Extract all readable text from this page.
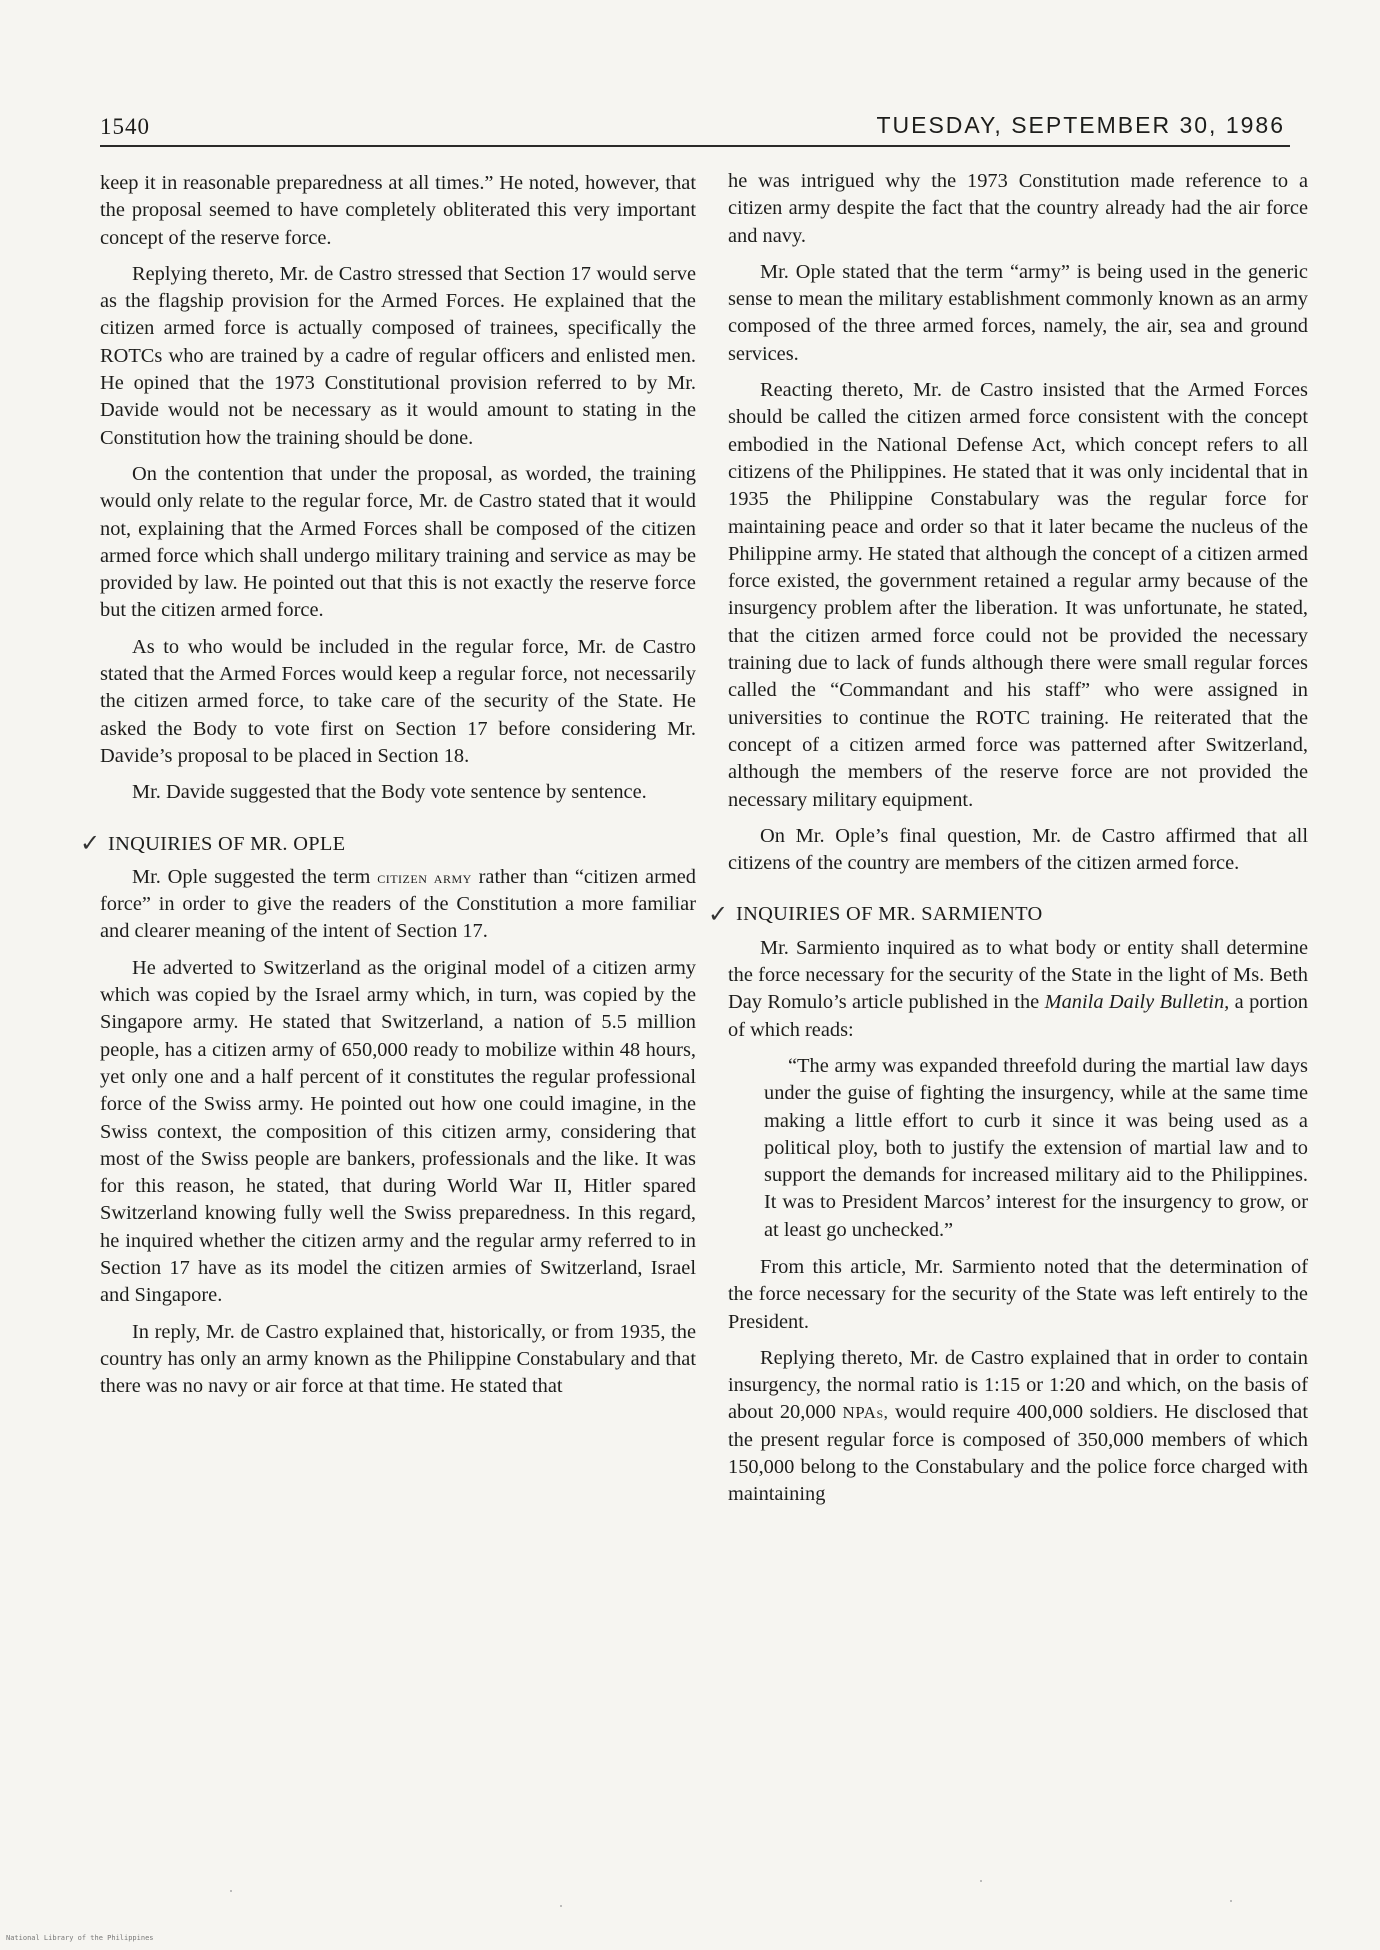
1540	TUESDAY, SEPTEMBER 30, 1986

keep it in reasonable preparedness at all times.” He noted, however, that the proposal seemed to have completely obliterated this very important concept of the reserve force.

Replying thereto, Mr. de Castro stressed that Section 17 would serve as the flagship provision for the Armed Forces. He explained that the citizen armed force is actually composed of trainees, specifically the ROTCs who are trained by a cadre of regular officers and enlisted men. He opined that the 1973 Constitutional provision referred to by Mr. Davide would not be necessary as it would amount to stating in the Constitution how the training should be done.

On the contention that under the proposal, as worded, the training would only relate to the regular force, Mr. de Castro stated that it would not, explaining that the Armed Forces shall be composed of the citizen armed force which shall undergo military training and service as may be provided by law. He pointed out that this is not exactly the reserve force but the citizen armed force.

As to who would be included in the regular force, Mr. de Castro stated that the Armed Forces would keep a regular force, not necessarily the citizen armed force, to take care of the security of the State. He asked the Body to vote first on Section 17 before considering Mr. Davide’s proposal to be placed in Section 18.

Mr. Davide suggested that the Body vote sentence by sentence.

✓ INQUIRIES OF MR. OPLE

Mr. Ople suggested the term citizen army rather than “citizen armed force” in order to give the readers of the Constitution a more familiar and clearer meaning of the intent of Section 17.

He adverted to Switzerland as the original model of a citizen army which was copied by the Israel army which, in turn, was copied by the Singapore army. He stated that Switzerland, a nation of 5.5 million people, has a citizen army of 650,000 ready to mobilize within 48 hours, yet only one and a half percent of it constitutes the regular professional force of the Swiss army. He pointed out how one could imagine, in the Swiss context, the composition of this citizen army, considering that most of the Swiss people are bankers, professionals and the like. It was for this reason, he stated, that during World War II, Hitler spared Switzerland knowing fully well the Swiss preparedness. In this regard, he inquired whether the citizen army and the regular army referred to in Section 17 have as its model the citizen armies of Switzerland, Israel and Singapore.

In reply, Mr. de Castro explained that, historically, or from 1935, the country has only an army known as the Philippine Constabulary and that there was no navy or air force at that time. He stated that

he was intrigued why the 1973 Constitution made reference to a citizen army despite the fact that the country already had the air force and navy.

Mr. Ople stated that the term “army” is being used in the generic sense to mean the military establishment commonly known as an army composed of the three armed forces, namely, the air, sea and ground services.

Reacting thereto, Mr. de Castro insisted that the Armed Forces should be called the citizen armed force consistent with the concept embodied in the National Defense Act, which concept refers to all citizens of the Philippines. He stated that it was only incidental that in 1935 the Philippine Constabulary was the regular force for maintaining peace and order so that it later became the nucleus of the Philippine army. He stated that although the concept of a citizen armed force existed, the government retained a regular army because of the insurgency problem after the liberation. It was unfortunate, he stated, that the citizen armed force could not be provided the necessary training due to lack of funds although there were small regular forces called the “Commandant and his staff” who were assigned in universities to continue the ROTC training. He reiterated that the concept of a citizen armed force was patterned after Switzerland, although the members of the reserve force are not provided the necessary military equipment.

On Mr. Ople’s final question, Mr. de Castro affirmed that all citizens of the country are members of the citizen armed force.

✓ INQUIRIES OF MR. SARMIENTO

Mr. Sarmiento inquired as to what body or entity shall determine the force necessary for the security of the State in the light of Ms. Beth Day Romulo’s article published in the Manila Daily Bulletin, a portion of which reads:

“The army was expanded threefold during the martial law days under the guise of fighting the insurgency, while at the same time making a little effort to curb it since it was being used as a political ploy, both to justify the extension of martial law and to support the demands for increased military aid to the Philippines. It was to President Marcos’ interest for the insurgency to grow, or at least go unchecked.”

From this article, Mr. Sarmiento noted that the determination of the force necessary for the security of the State was left entirely to the President.

Replying thereto, Mr. de Castro explained that in order to contain insurgency, the normal ratio is 1:15 or 1:20 and which, on the basis of about 20,000 NPAs, would require 400,000 soldiers. He disclosed that the present regular force is composed of 350,000 members of which 150,000 belong to the Constabulary and the police force charged with maintaining

National Library of the Philippines
